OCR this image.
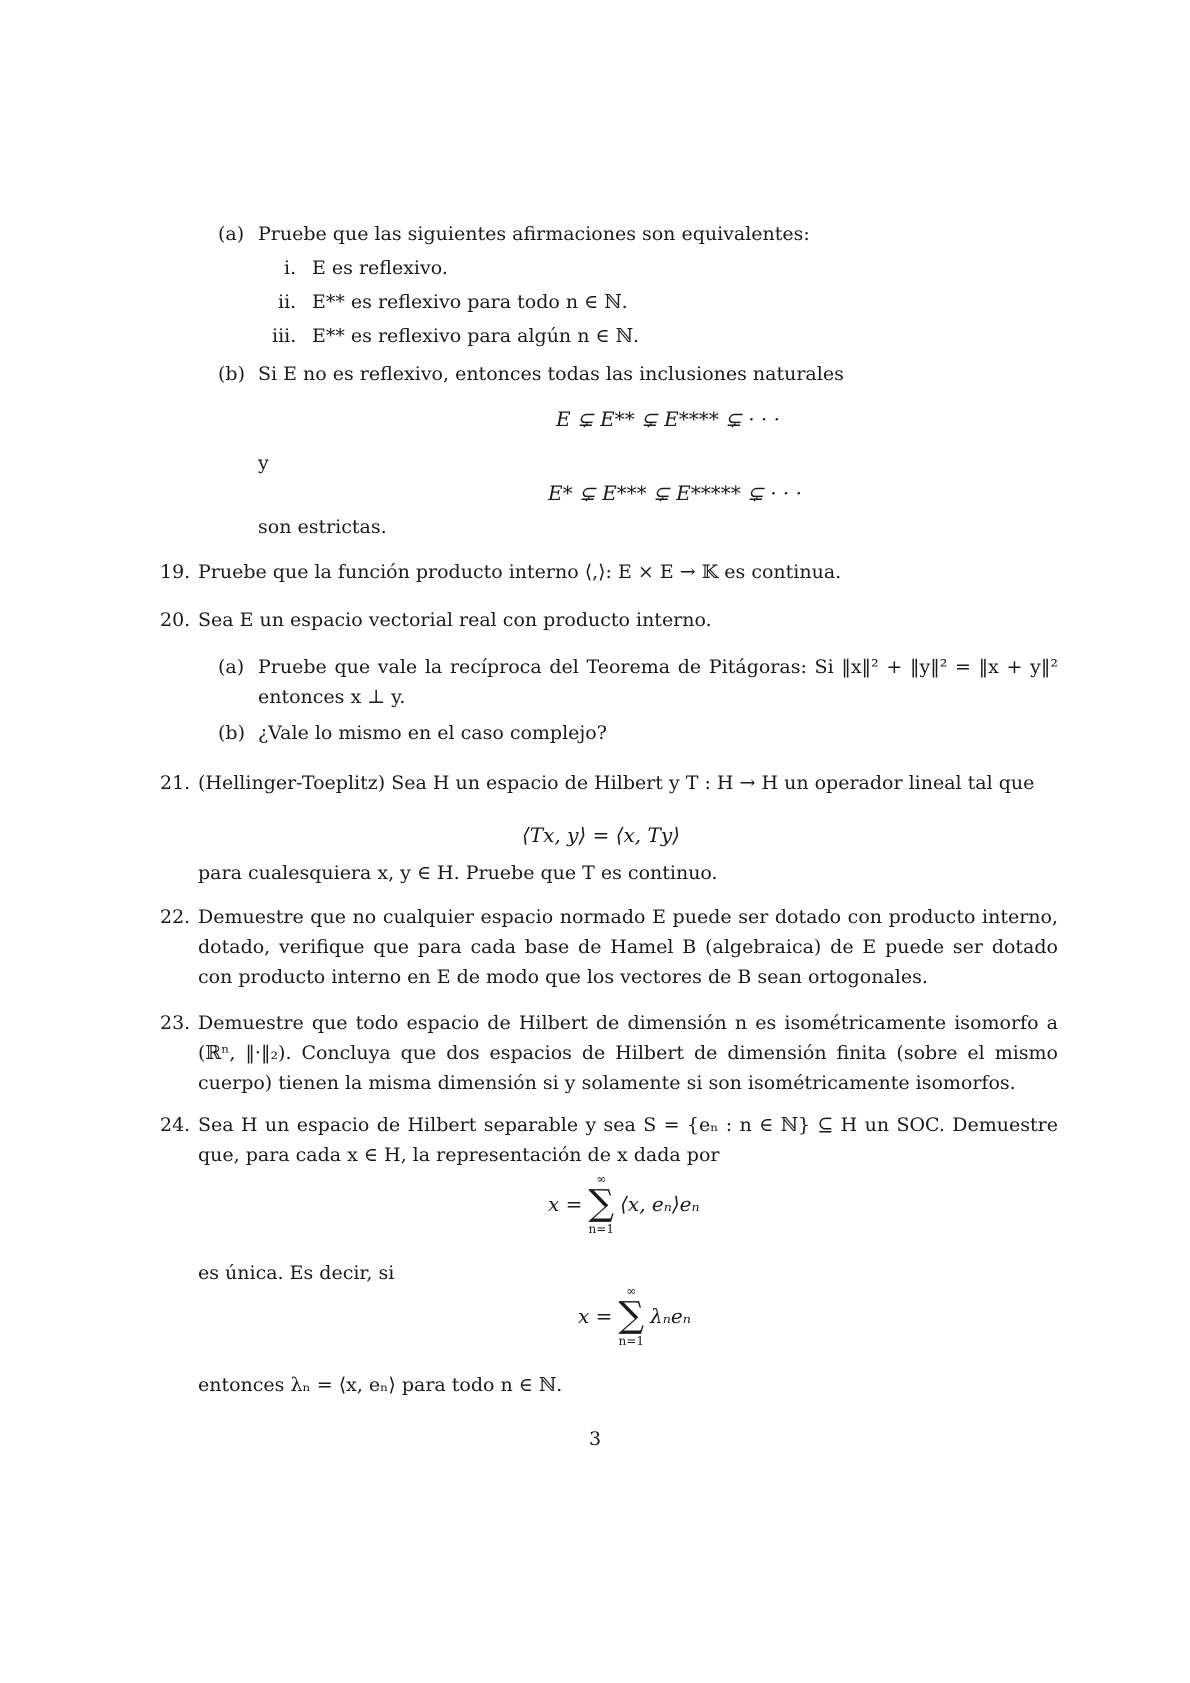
(a) Pruebe que las siguientes afirmaciones son equivalentes:
i. E es reflexivo.
ii. E** es reflexivo para todo n ∈ ℕ.
iii. E** es reflexivo para algún n ∈ ℕ.
(b) Si E no es reflexivo, entonces todas las inclusiones naturales
E ⊊ E** ⊊ E**** ⊊ · · ·
y
E* ⊊ E*** ⊊ E***** ⊊ · · ·
son estrictas.
19. Pruebe que la función producto interno ⟨,⟩: E × E → 𝕂 es continua.
20. Sea E un espacio vectorial real con producto interno.
(a) Pruebe que vale la recíproca del Teorema de Pitágoras: Si ‖x‖² + ‖y‖² = ‖x + y‖² entonces x ⊥ y.
(b) ¿Vale lo mismo en el caso complejo?
21. (Hellinger-Toeplitz) Sea H un espacio de Hilbert y T : H → H un operador lineal tal que
⟨Tx, y⟩ = ⟨x, Ty⟩
para cualesquiera x, y ∈ H. Pruebe que T es continuo.
22. Demuestre que no cualquier espacio normado E puede ser dotado con producto interno, dotado, verifique que para cada base de Hamel B (algebraica) de E puede ser dotado con producto interno en E de modo que los vectores de B sean ortogonales.
23. Demuestre que todo espacio de Hilbert de dimensión n es isométricamente isomorfo a (ℝⁿ, ‖·‖₂). Concluya que dos espacios de Hilbert de dimensión finita (sobre el mismo cuerpo) tienen la misma dimensión si y solamente si son isométricamente isomorfos.
24. Sea H un espacio de Hilbert separable y sea S = {eₙ : n ∈ ℕ} ⊆ H un SOC. Demuestre que, para cada x ∈ H, la representación de x dada por
x =
∞
∑
n=1
⟨x, eₙ⟩eₙ
es única. Es decir, si
x =
∞
∑
n=1
λₙeₙ
entonces λₙ = ⟨x, eₙ⟩ para todo n ∈ ℕ.
3
